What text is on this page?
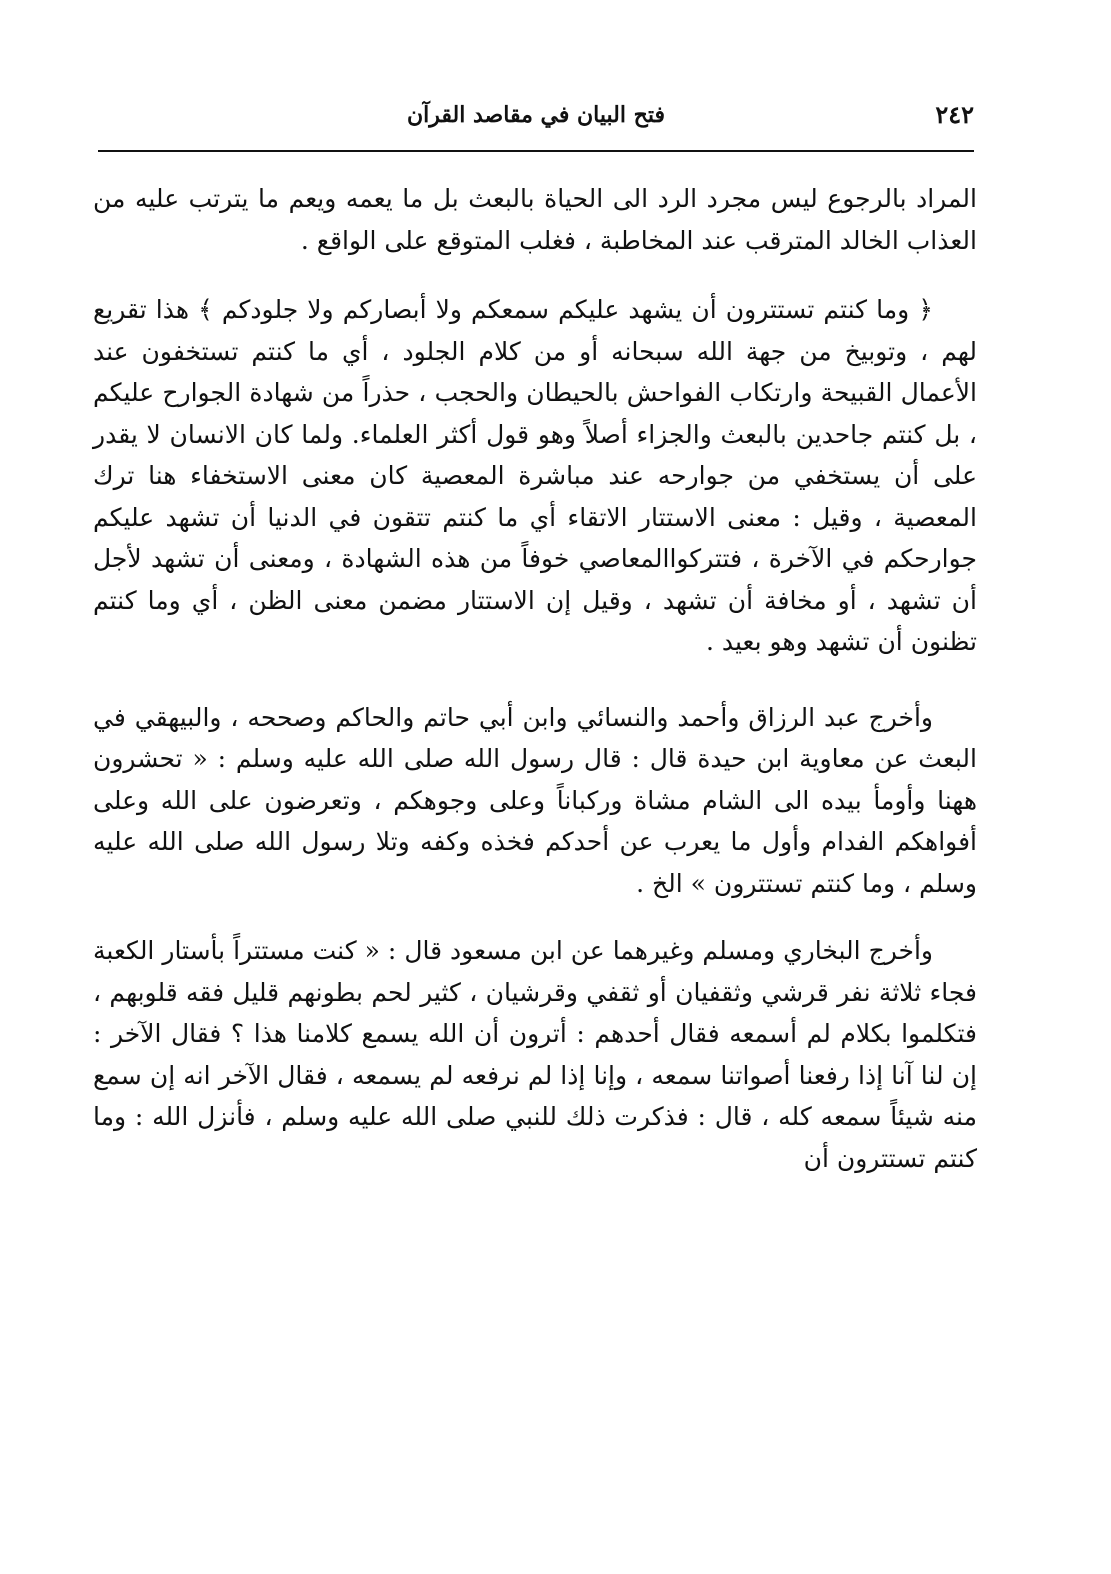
٢٤٢
فتح البيان في مقاصد القرآن

المراد بالرجوع ليس مجرد الرد الى الحياة بالبعث بل ما يعمه ويعم ما يترتب عليه من العذاب الخالد المترقب عند المخاطبة ، فغلب المتوقع على الواقع .

﴿ وما كنتم تستترون أن يشهد عليكم سمعكم ولا أبصاركم ولا جلودكم ﴾ هذا تقريع لهم ، وتوبيخ من جهة الله سبحانه أو من كلام الجلود ، أي ما كنتم تستخفون عند الأعمال القبيحة وارتكاب الفواحش بالحيطان والحجب ، حذراً من شهادة الجوارح عليكم ، بل كنتم جاحدين بالبعث والجزاء أصلاً وهو قول أكثر العلماء. ولما كان الانسان لا يقدر على أن يستخفي من جوارحه عند مباشرة المعصية كان معنى الاستخفاء هنا ترك المعصية ، وقيل : معنى الاستتار الاتقاء أي ما كنتم تتقون في الدنيا أن تشهد عليكم جوارحكم في الآخرة ، فتتركواالمعاصي خوفاً من هذه الشهادة ، ومعنى أن تشهد لأجل أن تشهد ، أو مخافة أن تشهد ، وقيل إن الاستتار مضمن معنى الظن ، أي وما كنتم تظنون أن تشهد وهو بعيد .

وأخرج عبد الرزاق وأحمد والنسائي وابن أبي حاتم والحاكم وصححه ، والبيهقي في البعث عن معاوية ابن حيدة قال : قال رسول الله صلى الله عليه وسلم : « تحشرون ههنا وأومأ بيده الى الشام مشاة وركباناً وعلى وجوهكم ، وتعرضون على الله وعلى أفواهكم الفدام وأول ما يعرب عن أحدكم فخذه وكفه وتلا رسول الله صلى الله عليه وسلم ، وما كنتم تستترون » الخ .

وأخرج البخاري ومسلم وغيرهما عن ابن مسعود قال : « كنت مستتراً بأستار الكعبة فجاء ثلاثة نفر قرشي وثقفيان أو ثقفي وقرشيان ، كثير لحم بطونهم قليل فقه قلوبهم ، فتكلموا بكلام لم أسمعه فقال أحدهم : أترون أن الله يسمع كلامنا هذا ؟ فقال الآخر : إن لنا آنا إذا رفعنا أصواتنا سمعه ، وإنا إذا لم نرفعه لم يسمعه ، فقال الآخر انه إن سمع منه شيئاً سمعه كله ، قال : فذكرت ذلك للنبي صلى الله عليه وسلم ، فأنزل الله : وما كنتم تستترون أن
